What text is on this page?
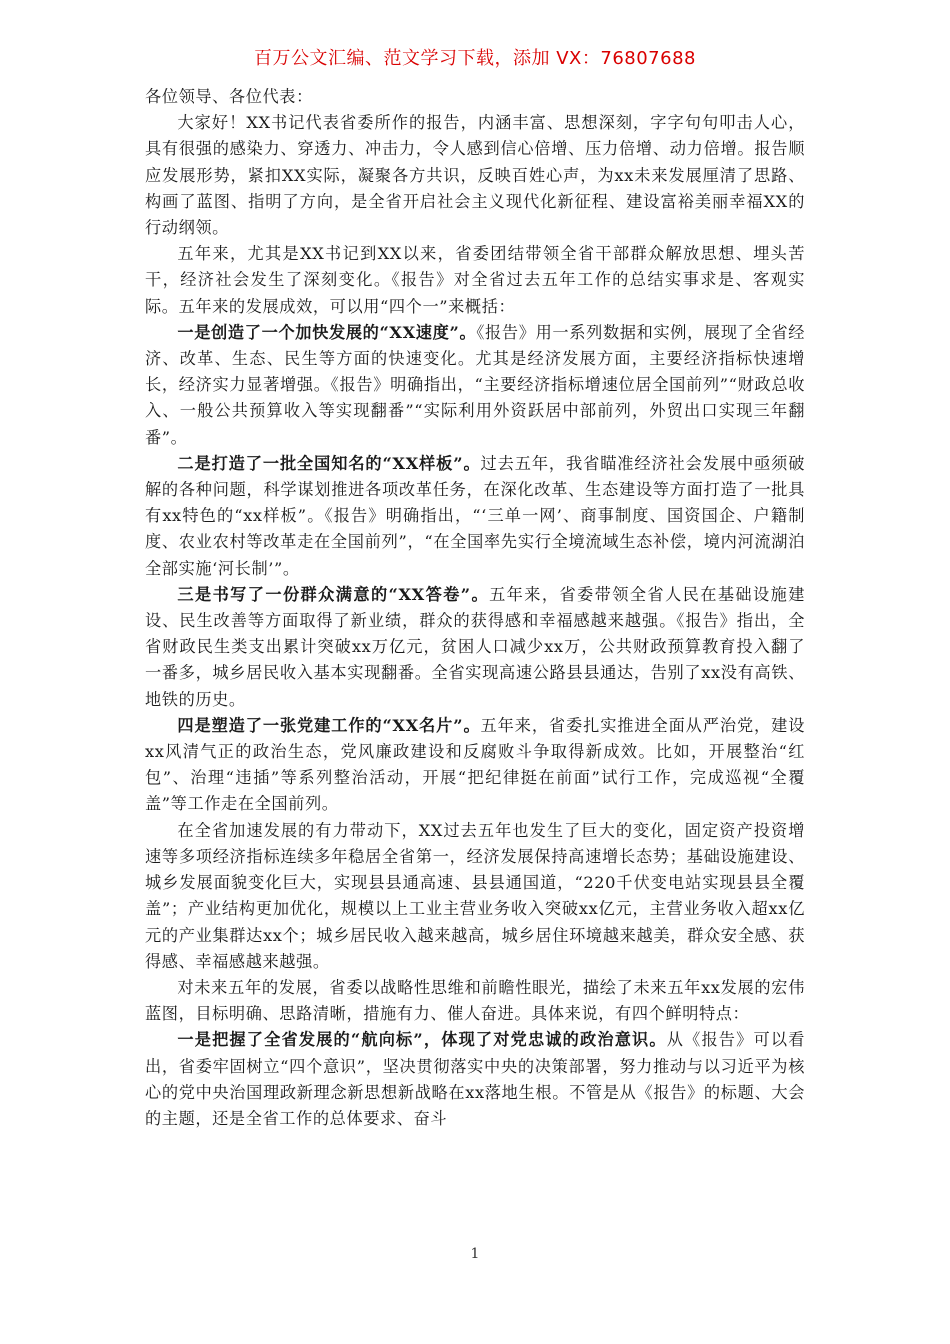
百万公文汇编、范文学习下载，添加 VX：76807688

各位领导、各位代表：

大家好！XX书记代表省委所作的报告，内涵丰富、思想深刻，字字句句叩击人心，具有很强的感染力、穿透力、冲击力，令人感到信心倍增、压力倍增、动力倍增。报告顺应发展形势，紧扣XX实际，凝聚各方共识，反映百姓心声，为xx未来发展厘清了思路、构画了蓝图、指明了方向，是全省开启社会主义现代化新征程、建设富裕美丽幸福XX的行动纲领。

五年来，尤其是XX书记到XX以来，省委团结带领全省干部群众解放思想、埋头苦干，经济社会发生了深刻变化。《报告》对全省过去五年工作的总结实事求是、客观实际。五年来的发展成效，可以用“四个一”来概括：

一是创造了一个加快发展的“XX速度”。《报告》用一系列数据和实例，展现了全省经济、改革、生态、民生等方面的快速变化。尤其是经济发展方面，主要经济指标快速增长，经济实力显著增强。《报告》明确指出，“主要经济指标增速位居全国前列”“财政总收入、一般公共预算收入等实现翻番”“实际利用外资跃居中部前列，外贸出口实现三年翻番”。

二是打造了一批全国知名的“XX样板”。过去五年，我省瞄准经济社会发展中亟须破解的各种问题，科学谋划推进各项改革任务，在深化改革、生态建设等方面打造了一批具有xx特色的“xx样板”。《报告》明确指出，“‘三单一网’、商事制度、国资国企、户籍制度、农业农村等改革走在全国前列”，“在全国率先实行全境流域生态补偿，境内河流湖泊全部实施‘河长制’”。

三是书写了一份群众满意的“XX答卷”。五年来，省委带领全省人民在基础设施建设、民生改善等方面取得了新业绩，群众的获得感和幸福感越来越强。《报告》指出，全省财政民生类支出累计突破xx万亿元，贫困人口减少xx万，公共财政预算教育投入翻了一番多，城乡居民收入基本实现翻番。全省实现高速公路县县通达，告别了xx没有高铁、地铁的历史。

四是塑造了一张党建工作的“XX名片”。五年来，省委扎实推进全面从严治党，建设xx风清气正的政治生态，党风廉政建设和反腐败斗争取得新成效。比如，开展整治“红包”、治理“违插”等系列整治活动，开展“把纪律挺在前面”试行工作，完成巡视“全覆盖”等工作走在全国前列。

在全省加速发展的有力带动下，XX过去五年也发生了巨大的变化，固定资产投资增速等多项经济指标连续多年稳居全省第一，经济发展保持高速增长态势；基础设施建设、城乡发展面貌变化巨大，实现县县通高速、县县通国道，“220千伏变电站实现县县全覆盖”；产业结构更加优化，规模以上工业主营业务收入突破xx亿元，主营业务收入超xx亿元的产业集群达xx个；城乡居民收入越来越高，城乡居住环境越来越美，群众安全感、获得感、幸福感越来越强。

对未来五年的发展，省委以战略性思维和前瞻性眼光，描绘了未来五年xx发展的宏伟蓝图，目标明确、思路清晰，措施有力、催人奋进。具体来说，有四个鲜明特点：

一是把握了全省发展的“航向标”，体现了对党忠诚的政治意识。从《报告》可以看出，省委牢固树立“四个意识”，坚决贯彻落实中央的决策部署，努力推动与以习近平为核心的党中央治国理政新理念新思想新战略在xx落地生根。不管是从《报告》的标题、大会的主题，还是全省工作的总体要求、奋斗

1
